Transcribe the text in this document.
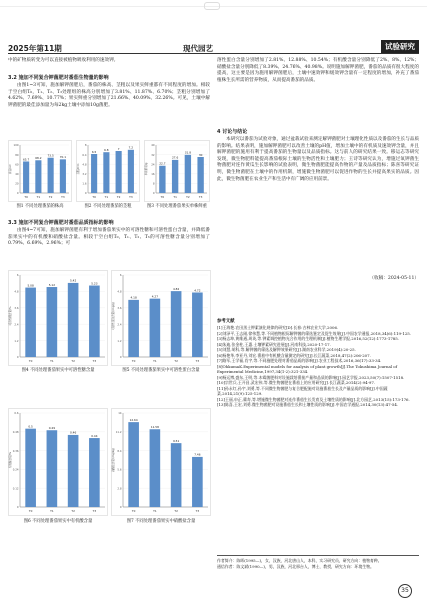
2025年第11期	现代园艺	试验研究

中的矿物质转变为可以直接被植物吸收利用的速效钾。

3.2 施加不同复合钾菌肥对番茄生物量的影响

由图1~3可知，施加解钾菌肥后，番茄的株高、茎粗以及果实鲜重都有不同程度的增加。相较于空白组T₀，T₁、T₂、T₃处理组的株高分别增加了3.81%、11.87%、6.70%；茎粗分别增加了4.62%、7.69%、10.77%；果实鲜重分别增加了21.66%、40.09%、32.26%。可见，土壤中解钾菌肥的最佳添加量为每2kg土壤中添加10g菌肥。

0
20
40
60
80
100
株高/cm
65.7
T0
68.2
T1
73.5
T2
70.1
T3
0
1.6
3.2
4.8
6.4
8
茎粗/mm
6.5
T0
6.8
T1
7
T2
7.2
T3
0
8
16
24
32
40
单株鲜重/g	22.7
T0
27.6
T1
31.8
T2
30
T3

图1 不同处理番茄的株高	图2 不同处理番茄的茎粗	图3 不同处理番茄果实单株鲜重

3.3 施加不同复合钾菌肥对番茄品质指标的影响

由图4~7可知，施加解钾菌肥有利于增加番茄果实中的可溶性糖和可溶性蛋白含量，并降低番茄果实中的有机酸和硝酸盐含量。相较于空白组T₀，T₁、T₂、T₃的可溶性糖含量分别增加了0.79%、6.69%、2.96%；可

0
1.2
2.4
3.6
4.8
6
可溶性糖含量/%
5.08
T0
5.12
T1
5.42
T2
5.23
T3
0
1.2
2.4
3.6
4.8
6
可溶性蛋白含量/(mg/g)
4.18
T0
4.27
T1
4.82
T2
4.72
T3

图4 不同处理番茄果实中可溶性糖含量	图5 不同处理番茄果实中可溶性蛋白含量

0
0.12
0.24
0.36
0.48
0.6
有机酸含量/%
0.5
T0
0.49
T1
0.46
T2
0.44
T3
0
2.8
5.6
8.4
11.2
14
硝酸盐含量/(mg/kg)
12.64
T0
11.58
T1
9.51
T2
7.46
T3

图6 不同处理番茄果实中有机酸含量	图7 不同处理番茄果实中硝酸盐含量

溶性蛋白含量分别增加了2.81%、12.88%、10.54%；有机酸含量分别降低了2%、8%、12%；硝酸盐含量分别降低了8.39%、24.76%、40.98%。说明施加解钾菌肥，番茄的品质有很大程度的提高，这主要是因为施用解钾菌肥后，土壤中速效钾和缓效钾含量有一定程度的增加，补充了番茄植株生长所需的营养物质，从而提高番茄的品质。

4 讨论与结论

本研究以番茄为试验对象，通过盆栽试验来测定解钾菌肥对土壤理化性质以及番茄的生长与品质的影响。结果表明，施加解钾菌肥可以改善土壤的pH值，增加土壤中的有机质及速效钾含量，并且解钾菌肥的施用有利于提高番茄的生物量以及品质指标。这与前人的研究结果一致。移运志等研究发现，微生物肥料能提高番茄根际土壤的生物活性和土壤肥力；王诗等研究认为，增施过氧钾菌生物菌肥对连作黄瓜生长影响的试验表明，微生物菌肥能提高作物的产量及品质指标；陈喜等研究证明，微生物菌肥在土壤中的作用机制，增施微生物菌肥可以促进作物的生长并提高果实的品质。因此，微生物菌肥在农业生产和生活中有广阔的应用前景。

（收稿：2024-05-11）

参考文献
[1]王海艳.农田黑土钾素演化规律的研究[D].长春:吉林农业大学,2006.
[2]刘泽平,王志刚,徐伟慧,等.不同植物根际解钾菌的筛选鉴定及促生效果[J].中国农学通报,2018,34(6):119-125.
[3]杨志坤,黄维通,周英,等.钾素调控植物光合作用的生理机制[J].植物生理学报,2016,52(12):1773-1785.
[4]朱迪,张金柱,王惠.土壤钾素研究进展[J].河南科技,2020-17-17.
[5]刘慧,胡科,等.解钾菌的筛选及解钾效果研究[J].湖南农业科学,2019(4):20-25.
[6]杨艳华,李亚丹,刘宏.番茄中有机酸含量测定的研究[J].长江蔬菜,2018,47(2):206-207.
[7]路军,王学福,肖宇,等.不同施肥处理对番茄品质的影响[J].农业工程技术,2016,36(17):33-34.
[8]OhkumaK.Experimental models for analysis of plant growth[J].The Tokushima Journal of Experimental Medicine,1997,34(1-2):321-334.
[9]杨运博,盛东,王明,等.木霉菌肥料对设施栽培番茄产量和品质的影响[J].园艺学报,2023,50(7):1507-1518.
[10]宗世兵,王开昌,武宏伟,等.微生物菌肥在番茄上的应用研究[J].长江蔬菜,2014(2):94-97.
[11]孙永红,孙宇,刘勇,等.不同微生物菌肥与复合肥配施对设施番茄生长及产量品质的影响[J].中国蔬菜,2014,21(9):125-129.
[12]王丽,申正,冀寿,等.增施微生物菌肥对连作番茄生长发育及土壤性质的影响[J].北方园艺,2013(15):173-176.
[13]陈喜,王宏,刘勇.微生物菌肥对设施番茄生长和土壤性质的影响[J].中国农学通报,2014,30(13):47-54.
作者简介：陈晖(1995—)，女，汉族，河北唐山人，本科，实习研究员，研究方向：植物育种。
通信作者：陈文斌(1990—)，男，汉族，河北邢台人，博士，教授，研究方向：环境生物。
35
